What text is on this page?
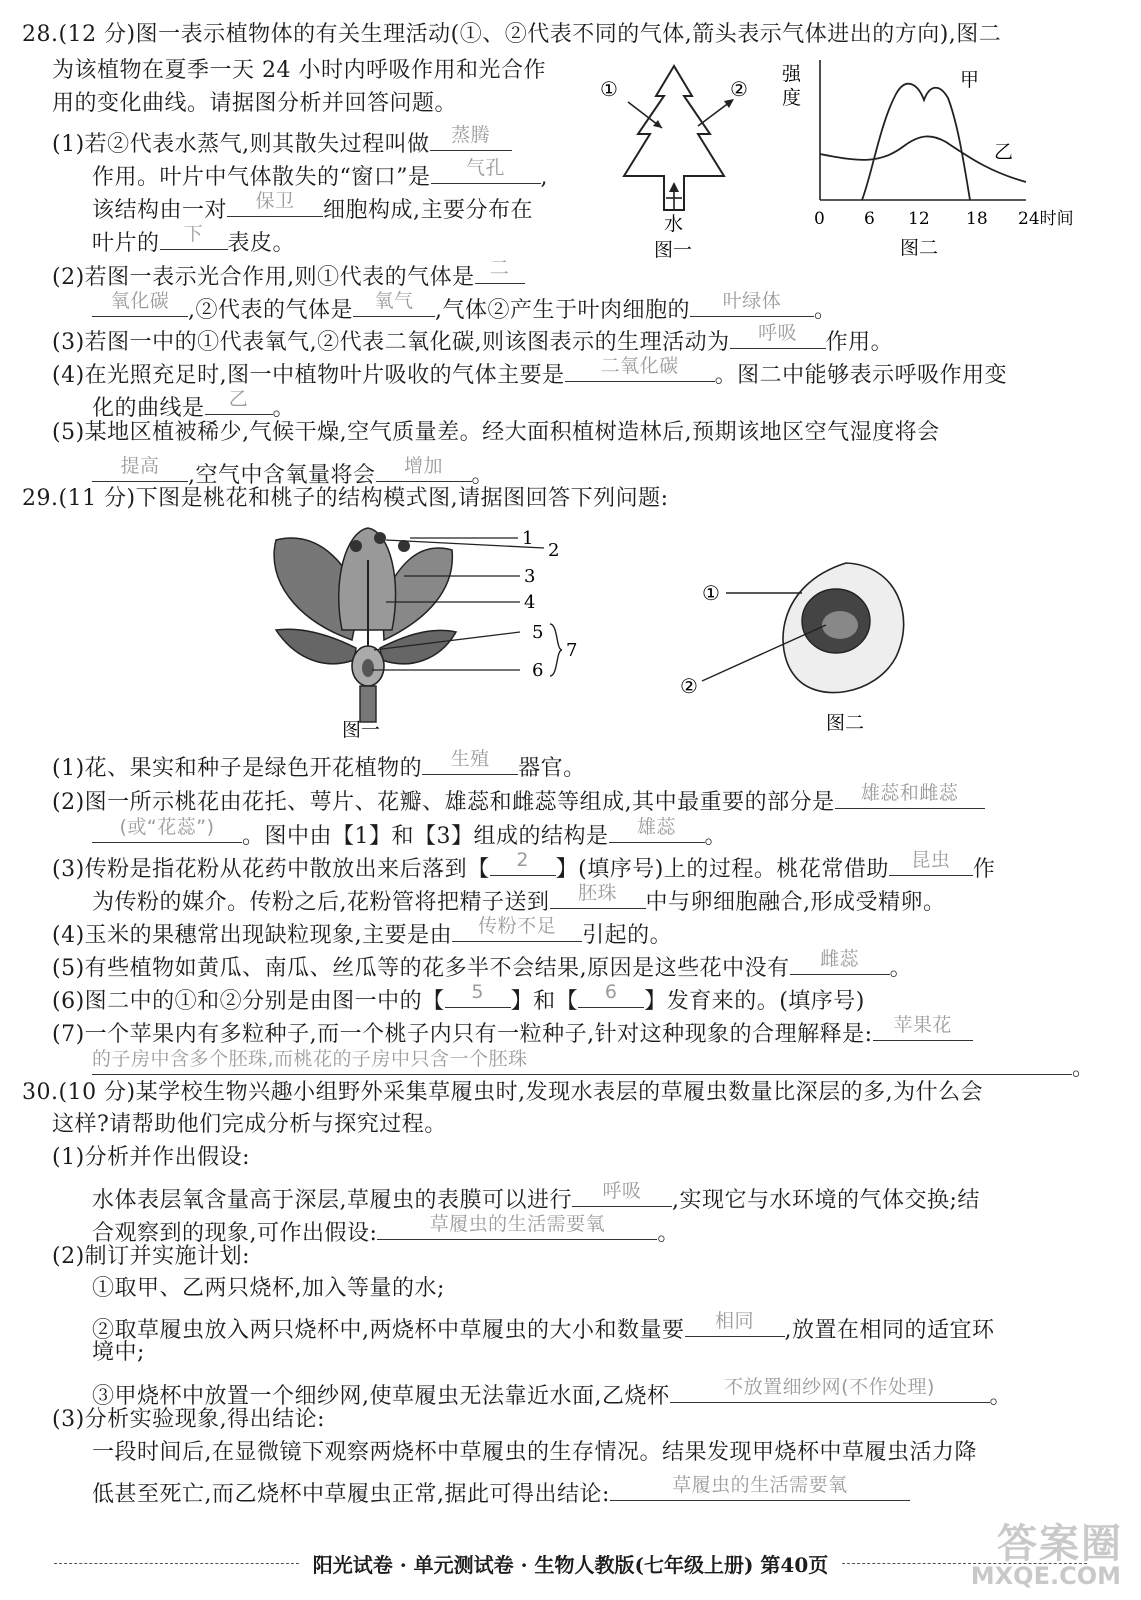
28.(12 分)图一表示植物体的有关生理活动(①、②代表不同的气体,箭头表示气体进出的方向),图二
为该植物在夏季一天 24 小时内呼吸作用和光合作
用的变化曲线。请据图分析并回答问题。
(1)若②代表水蒸气,则其散失过程叫做 蒸腾
作用。叶片中气体散失的“窗口”是 气孔 ,
该结构由一对 保卫 细胞构成,主要分布在
叶片的 下 表皮。
(2)若图一表示光合作用,则①代表的气体是 二
氧化碳 ,②代表的气体是 氧气 ,气体②产生于叶肉细胞的 叶绿体 。
(3)若图一中的①代表氧气,②代表二氧化碳,则该图表示的生理活动为 呼吸 作用。
(4)在光照充足时,图一中植物叶片吸收的气体主要是 二氧化碳 。图二中能够表示呼吸作用变
化的曲线是 乙 。
(5)某地区植被稀少,气候干燥,空气质量差。经大面积植树造林后,预期该地区空气湿度将会
提高 ,空气中含氧量将会 增加 。
①	②
水
图一
强
度
甲
乙
0 6 12 18 24时间
图二
29.(11 分)下图是桃花和桃子的结构模式图,请据图回答下列问题:
1
2
3
4
5
6
7
图一
①
②
图二
(1)花、果实和种子是绿色开花植物的 生殖 器官。
(2)图一所示桃花由花托、萼片、花瓣、雄蕊和雌蕊等组成,其中最重要的部分是 雄蕊和雌蕊
(或“花蕊”) 。图中由【1】和【3】组成的结构是 雄蕊 。
(3)传粉是指花粉从花药中散放出来后落到【 2 】(填序号)上的过程。桃花常借助 昆虫 作
为传粉的媒介。传粉之后,花粉管将把精子送到 胚珠 中与卵细胞融合,形成受精卵。
(4)玉米的果穗常出现缺粒现象,主要是由 传粉不足 引起的。
(5)有些植物如黄瓜、南瓜、丝瓜等的花多半不会结果,原因是这些花中没有 雌蕊 。
(6)图二中的①和②分别是由图一中的【 5 】和【 6 】发育来的。(填序号)
(7)一个苹果内有多粒种子,而一个桃子内只有一粒种子,针对这种现象的合理解释是: 苹果花
的子房中含多个胚珠,而桃花的子房中只含一个胚珠	。
30.(10 分)某学校生物兴趣小组野外采集草履虫时,发现水表层的草履虫数量比深层的多,为什么会
这样?请帮助他们完成分析与探究过程。
(1)分析并作出假设:
水体表层氧含量高于深层,草履虫的表膜可以进行 呼吸 ,实现它与水环境的气体交换;结
合观察到的现象,可作出假设:	草履虫的生活需要氧 。
(2)制订并实施计划:
①取甲、乙两只烧杯,加入等量的水;
②取草履虫放入两只烧杯中,两烧杯中草履虫的大小和数量要 相同 ,放置在相同的适宜环
境中;
③甲烧杯中放置一个细纱网,使草履虫无法靠近水面,乙烧杯	不放置细纱网(不作处理) 。
(3)分析实验现象,得出结论:
一段时间后,在显微镜下观察两烧杯中草履虫的生存情况。结果发现甲烧杯中草履虫活力降
低甚至死亡,而乙烧杯中草履虫正常,据此可得出结论:	草履虫的生活需要氧
阳光试卷 · 单元测试卷 · 生物人教版(七年级上册) 第40页	答案圈
MXQE.COM
